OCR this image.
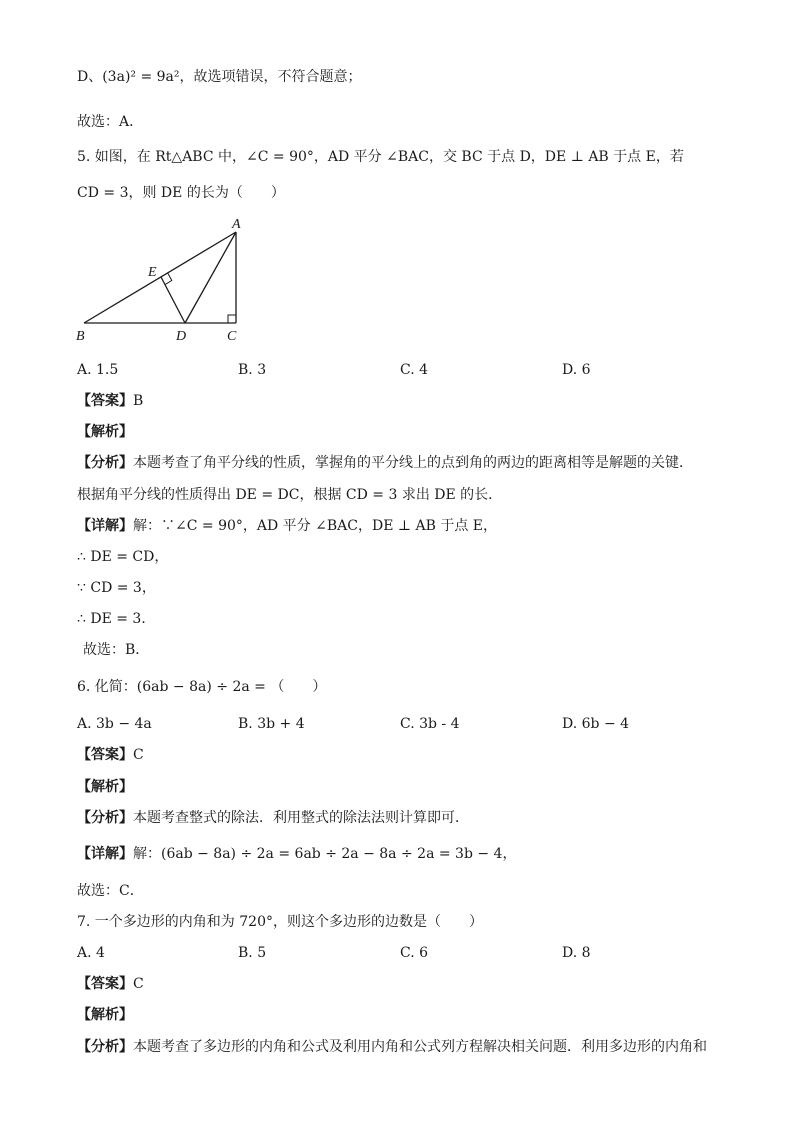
D、(3a)² = 9a²，故选项错误，不符合题意；
故选：A．
5. 如图，在 Rt△ABC 中，∠C = 90°，AD 平分 ∠BAC，交 BC 于点 D，DE ⊥ AB 于点 E，若
CD = 3，则 DE 的长为（　　）
A
B	C
D
E
A. 1.5	B. 3	C. 4	D. 6
【答案】B
【解析】
【分析】本题考查了角平分线的性质，掌握角的平分线上的点到角的两边的距离相等是解题的关键．
根据角平分线的性质得出 DE = DC，根据 CD = 3 求出 DE 的长．
【详解】解：∵∠C = 90°，AD 平分 ∠BAC，DE ⊥ AB 于点 E，
∴ DE = CD，
∵ CD = 3，
∴ DE = 3．
故选：B．
6. 化简：(6ab − 8a) ÷ 2a = （　　）
A. 3b − 4a	B. 3b + 4	C. 3b - 4	D. 6b − 4
【答案】C
【解析】
【分析】本题考查整式的除法．利用整式的除法法则计算即可．
【详解】解：(6ab − 8a) ÷ 2a = 6ab ÷ 2a − 8a ÷ 2a = 3b − 4，
故选：C．
7. 一个多边形的内角和为 720°，则这个多边形的边数是（　　）
A. 4	B. 5	C. 6	D. 8
【答案】C
【解析】
【分析】本题考查了多边形的内角和公式及利用内角和公式列方程解决相关问题．利用多边形的内角和
